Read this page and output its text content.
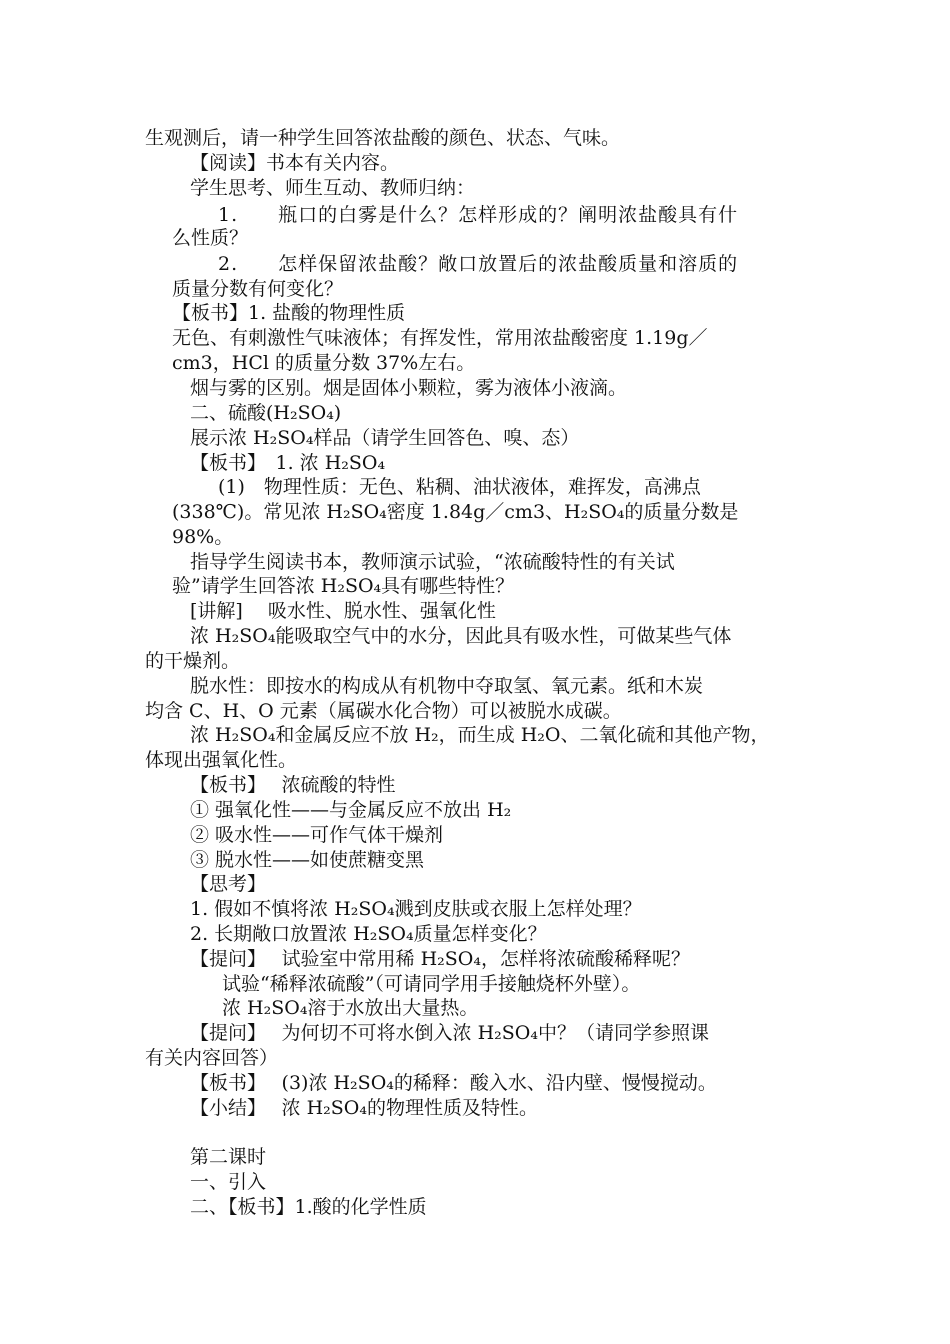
生观测后，请一种学生回答浓盐酸的颜色、状态、气味。
【阅读】书本有关内容。
学生思考、师生互动、教师归纳：
1.　　瓶口的白雾是什么？怎样形成的？阐明浓盐酸具有什
么性质？
2.　　怎样保留浓盐酸？敞口放置后的浓盐酸质量和溶质的
质量分数有何变化？
【板书】1. 盐酸的物理性质
无色、有刺激性气味液体；有挥发性，常用浓盐酸密度 1.19g／
cm3，HCl 的质量分数 37%左右。
烟与雾的区别。烟是固体小颗粒，雾为液体小液滴。
二、硫酸(H₂SO₄)
展示浓 H₂SO₄样品（请学生回答色、嗅、态）
【板书】　1. 浓 H₂SO₄
(1)　物理性质：无色、粘稠、油状液体，难挥发，高沸点
(338℃)。常见浓 H₂SO₄密度 1.84g／cm3、H₂SO₄的质量分数是
98%。
指导学生阅读书本，教师演示试验，“浓硫酸特性的有关试
验”请学生回答浓 H₂SO₄具有哪些特性？
[讲解]　 吸水性、脱水性、强氧化性
浓 H₂SO₄能吸取空气中的水分，因此具有吸水性，可做某些气体
的干燥剂。
脱水性：即按水的构成从有机物中夺取氢、氧元素。纸和木炭
均含 C、H、O 元素（属碳水化合物）可以被脱水成碳。
浓 H₂SO₄和金属反应不放 H₂，而生成 H₂O、二氧化硫和其他产物，
体现出强氧化性。
【板书】　 浓硫酸的特性
① 强氧化性——与金属反应不放出 H₂
② 吸水性——可作气体干燥剂
③ 脱水性——如使蔗糖变黑
【思考】
1. 假如不慎将浓 H₂SO₄溅到皮肤或衣服上怎样处理？
2. 长期敞口放置浓 H₂SO₄质量怎样变化？
【提问】　 试验室中常用稀 H₂SO₄，怎样将浓硫酸稀释呢？
试验“稀释浓硫酸”（可请同学用手接触烧杯外壁）。
浓 H₂SO₄溶于水放出大量热。
【提问】　 为何切不可将水倒入浓 H₂SO₄中？（请同学参照课
有关内容回答）
【板书】　 (3)浓 H₂SO₄的稀释：酸入水、沿内壁、慢慢搅动。
【小结】　 浓 H₂SO₄的物理性质及特性。
第二课时
一、引入
二、【板书】1.酸的化学性质
